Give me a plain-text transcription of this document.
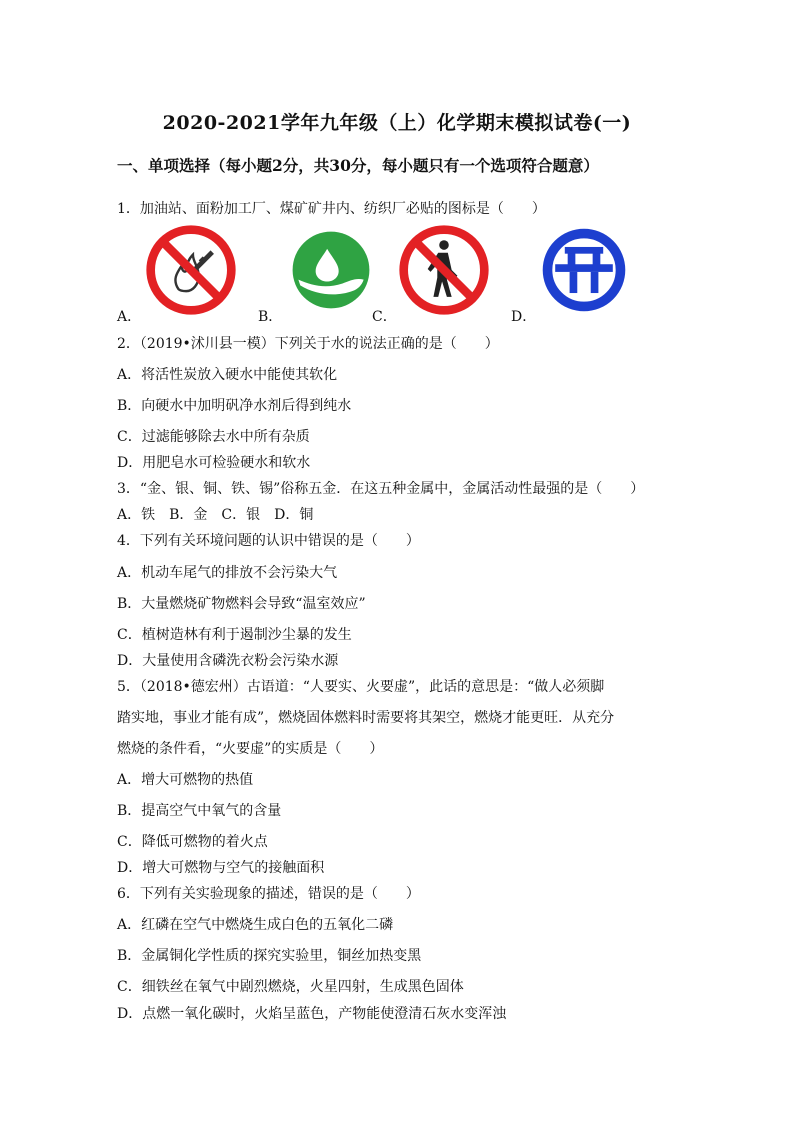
2020-2021学年九年级（上）化学期末模拟试卷(一)
一、单项选择（每小题2分，共30分，每小题只有一个选项符合题意）
1．加油站、面粉加工厂、煤矿矿井内、纺织厂必贴的图标是（　　）
A．	B．	C．	D．
2．（2019•沭川县一模）下列关于水的说法正确的是（　　）
A．将活性炭放入硬水中能使其软化
B．向硬水中加明矾净水剂后得到纯水
C．过滤能够除去水中所有杂质
D．用肥皂水可检验硬水和软水
3．“金、银、铜、铁、锡”俗称五金．在这五种金属中，金属活动性最强的是（　　）
A．铁　B．金　C．银　D．铜
4．下列有关环境问题的认识中错误的是（　　）
A．机动车尾气的排放不会污染大气
B．大量燃烧矿物燃料会导致“温室效应”
C．植树造林有利于遏制沙尘暴的发生
D．大量使用含磷洗衣粉会污染水源
5．（2018•德宏州）古语道：“人要实、火要虚”，此话的意思是：“做人必须脚
踏实地，事业才能有成”，燃烧固体燃料时需要将其架空，燃烧才能更旺．从充分
燃烧的条件看，“火要虚”的实质是（　　）
A．增大可燃物的热值
B．提高空气中氧气的含量
C．降低可燃物的着火点
D．增大可燃物与空气的接触面积
6．下列有关实验现象的描述，错误的是（　　）
A．红磷在空气中燃烧生成白色的五氧化二磷
B．金属铜化学性质的探究实验里，铜丝加热变黑
C．细铁丝在氧气中剧烈燃烧，火星四射，生成黑色固体
D．点燃一氧化碳时，火焰呈蓝色，产物能使澄清石灰水变浑浊
